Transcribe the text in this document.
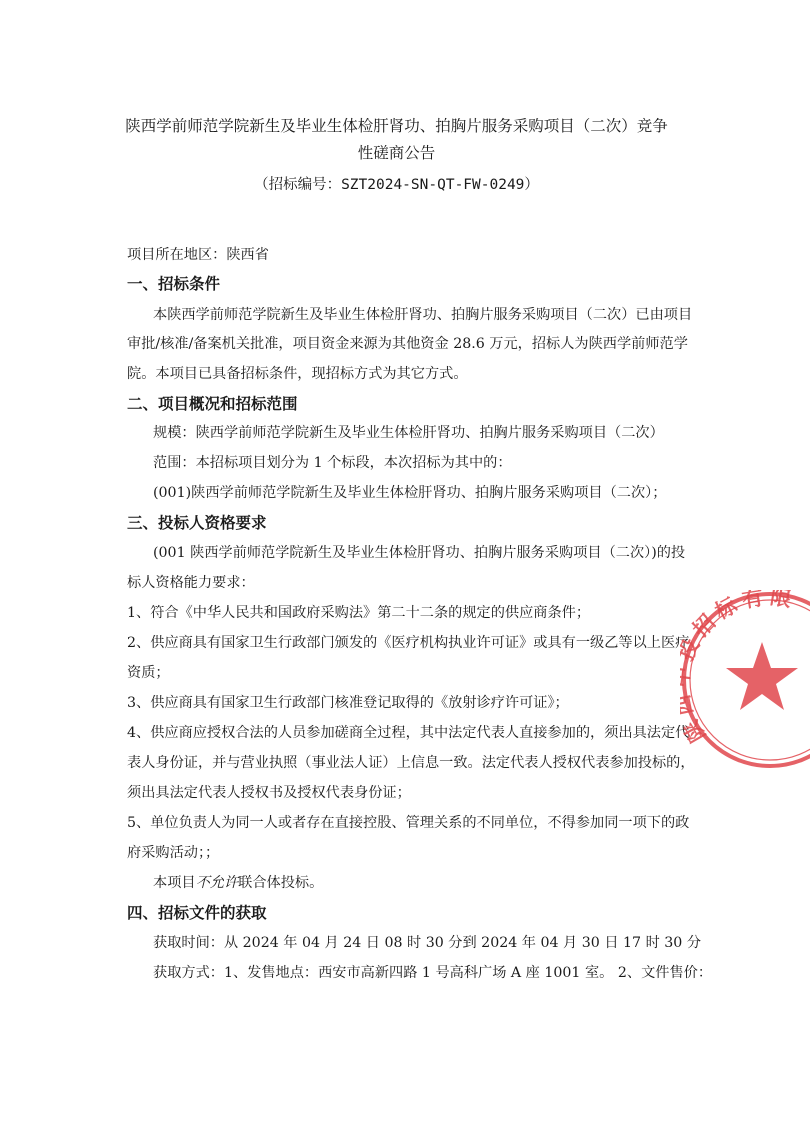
陕西学前师范学院新生及毕业生体检肝肾功、拍胸片服务采购项目（二次）竞争
性磋商公告
（招标编号：SZT2024-SN-QT-FW-0249）
项目所在地区：陕西省
一、招标条件
本陕西学前师范学院新生及毕业生体检肝肾功、拍胸片服务采购项目（二次）已由项目
审批/核准/备案机关批准，项目资金来源为其他资金 28.6 万元，招标人为陕西学前师范学
院。本项目已具备招标条件，现招标方式为其它方式。
二、项目概况和招标范围
规模：陕西学前师范学院新生及毕业生体检肝肾功、拍胸片服务采购项目（二次）
范围：本招标项目划分为 1 个标段，本次招标为其中的：
(001)陕西学前师范学院新生及毕业生体检肝肾功、拍胸片服务采购项目（二次）；
三、投标人资格要求
(001 陕西学前师范学院新生及毕业生体检肝肾功、拍胸片服务采购项目（二次）)的投
标人资格能力要求：
1、符合《中华人民共和国政府采购法》第二十二条的规定的供应商条件；
2、供应商具有国家卫生行政部门颁发的《医疗机构执业许可证》或具有一级乙等以上医疗
资质；
3、供应商具有国家卫生行政部门核准登记取得的《放射诊疗许可证》；
4、供应商应授权合法的人员参加磋商全过程，其中法定代表人直接参加的，须出具法定代
表人身份证，并与营业执照（事业法人证）上信息一致。法定代表人授权代表参加投标的，
须出具法定代表人授权书及授权代表身份证；
5、单位负责人为同一人或者存在直接控股、管理关系的不同单位，不得参加同一项下的政
府采购活动；；
本项目不允许联合体投标。
四、招标文件的获取
获取时间：从 2024 年 04 月 24 日 08 时 30 分到 2024 年 04 月 30 日 17 时 30 分
获取方式：1、发售地点：西安市高新四路 1 号高科广场 A 座 1001 室。 2、文件售价：
招标有限
